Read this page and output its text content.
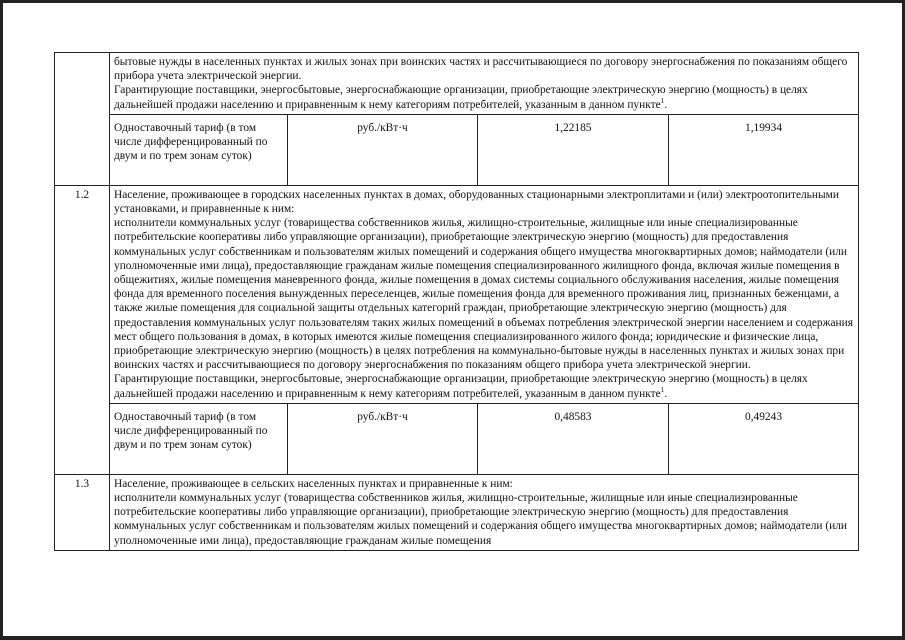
	бытовые нужды в населенных пунктах и жилых зонах при воинских частях и рассчитывающиеся по договору энергоснабжения по показаниям общего прибора учета электрической энергии.

Гарантирующие поставщики, энергосбытовые, энергоснабжающие организации, приобретающие электрическую энергию (мощность) в целях дальнейшей продажи населению и приравненным к нему категориям потребителей, указанным в данном пункте$^1$.			

	Одноставочный тариф (в том числе дифференцированный по двум и по трем зонам суток)	руб./кВт·ч	1,22185	1,19934
1.2	Население, проживающее в городских населенных пунктах в домах, оборудованных стационарными электроплитами и (или) электроотопительными установками, и приравненные к ним:

исполнители коммунальных услуг (товарищества собственников жилья, жилищно-строительные, жилищные или иные специализированные потребительские кооперативы либо управляющие организации), приобретающие электрическую энергию (мощность) для предоставления коммунальных услуг собственникам и пользователям жилых помещений и содержания общего имущества многоквартирных домов; наймодатели (или уполномоченные ими лица), предоставляющие гражданам жилые помещения специализированного жилищного фонда, включая жилые помещения в общежитиях, жилые помещения маневренного фонда, жилые помещения в домах системы социального обслуживания населения, жилые помещения фонда для временного поселения вынужденных переселенцев, жилые помещения фонда для временного проживания лиц, признанных беженцами, а также жилые помещения для социальной защиты отдельных категорий граждан, приобретающие электрическую энергию (мощность) для предоставления коммунальных услуг пользователям таких жилых помещений в объемах потребления электрической энергии населением и содержания мест общего пользования в домах, в которых имеются жилые помещения специализированного жилого фонда; юридические и физические лица, приобретающие электрическую энергию (мощность) в целях потребления на коммунально-бытовые нужды в населенных пунктах и жилых зонах при воинских частях и рассчитывающиеся по договору энергоснабжения по показаниям общего прибора учета электрической энергии.

Гарантирующие поставщики, энергосбытовые, энергоснабжающие организации, приобретающие электрическую энергию (мощность) в целях дальнейшей продажи населению и приравненным к нему категориям потребителей, указанным в данном пункте$^1$.			

	Одноставочный тариф (в том числе дифференцированный по двум и по трем зонам суток)	руб./кВт·ч	0,48583	0,49243
1.3	Население, проживающее в сельских населенных пунктах и приравненные к ним:

исполнители коммунальных услуг (товарищества собственников жилья, жилищно-строительные, жилищные или иные специализированные потребительские кооперативы либо управляющие организации), приобретающие электрическую энергию (мощность) для предоставления коммунальных услуг собственникам и пользователям жилых помещений и содержания общего имущества многоквартирных домов; наймодатели (или уполномоченные ими лица), предоставляющие гражданам жилые помещения			
